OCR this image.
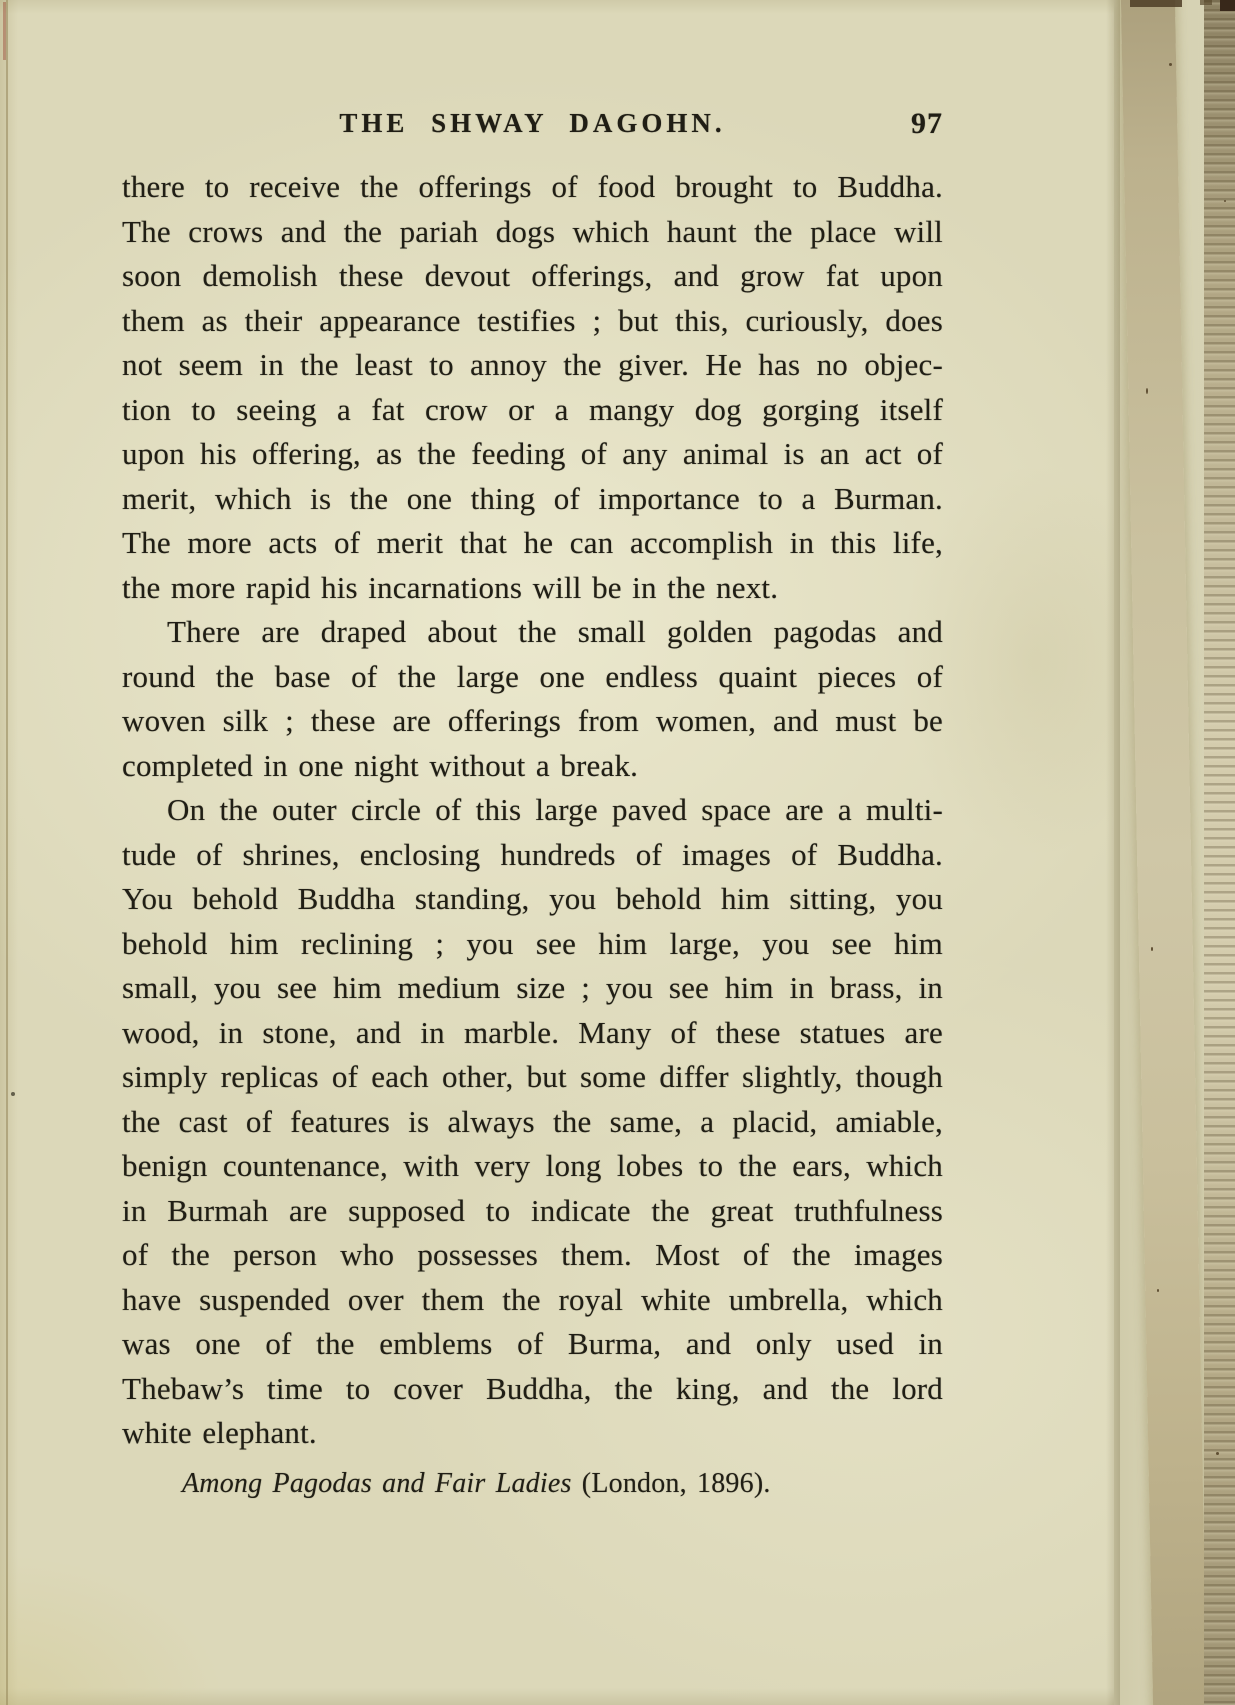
THE SHWAY DAGOHN.	97
there to receive the offerings of food brought to Buddha.
The crows and the pariah dogs which haunt the place will
soon demolish these devout offerings, and grow fat upon
them as their appearance testifies ; but this, curiously, does
not seem in the least to annoy the giver. He has no objec-
tion to seeing a fat crow or a mangy dog gorging itself
upon his offering, as the feeding of any animal is an act of
merit, which is the one thing of importance to a Burman.
The more acts of merit that he can accomplish in this life,
the more rapid his incarnations will be in the next.
There are draped about the small golden pagodas and
round the base of the large one endless quaint pieces of
woven silk ; these are offerings from women, and must be
completed in one night without a break.
On the outer circle of this large paved space are a multi-
tude of shrines, enclosing hundreds of images of Buddha.
You behold Buddha standing, you behold him sitting, you
behold him reclining ; you see him large, you see him
small, you see him medium size ; you see him in brass, in
wood, in stone, and in marble. Many of these statues are
simply replicas of each other, but some differ slightly, though
the cast of features is always the same, a placid, amiable,
benign countenance, with very long lobes to the ears, which
in Burmah are supposed to indicate the great truthfulness
of the person who possesses them. Most of the images
have suspended over them the royal white umbrella, which
was one of the emblems of Burma, and only used in
Thebaw’s time to cover Buddha, the king, and the lord
white elephant.
Among Pagodas and Fair Ladies (London, 1896).
